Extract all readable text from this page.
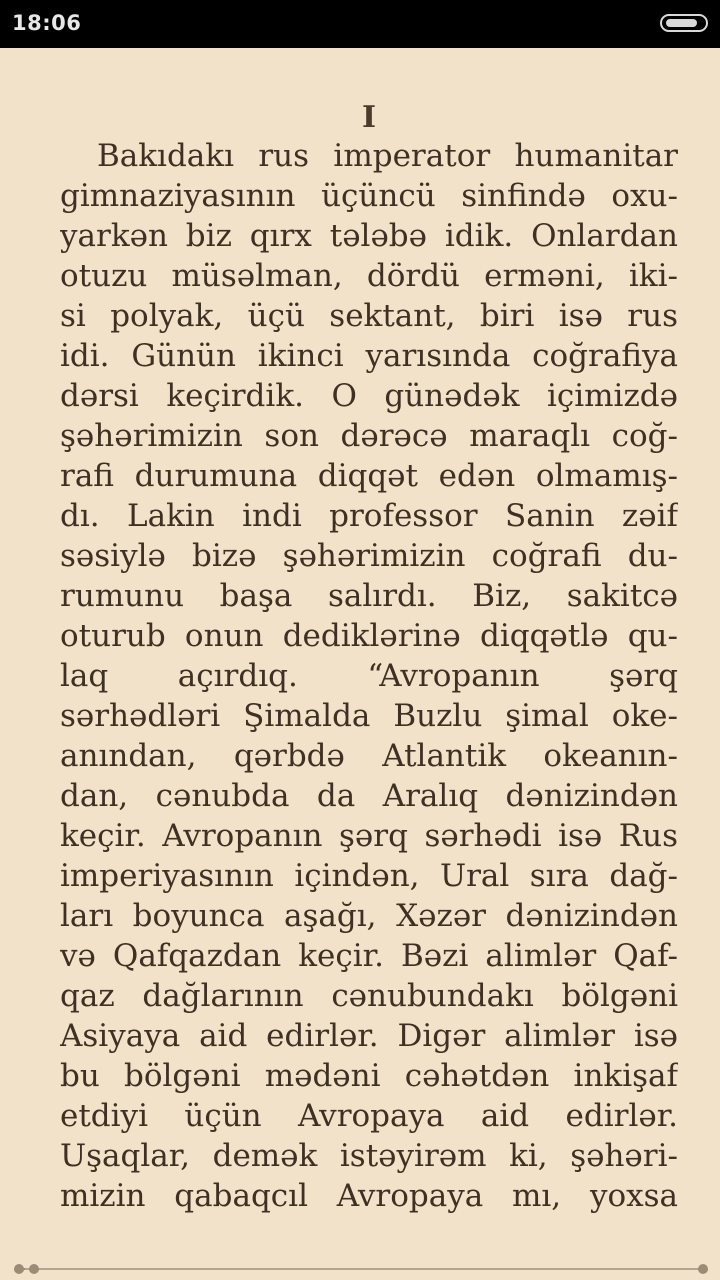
18:06
I
Bakıdakı rus imperator humanitar
gimnaziyasının üçüncü sinfində oxu-
yarkən biz qırx tələbə idik. Onlardan
otuzu müsəlman, dördü erməni, iki-
si polyak, üçü sektant, biri isə rus
idi. Günün ikinci yarısında coğrafiya
dərsi keçirdik. O günədək içimizdə
şəhərimizin son dərəcə maraqlı coğ-
rafi durumuna diqqət edən olmamış-
dı. Lakin indi professor Sanin zəif
səsiylə bizə şəhərimizin coğrafi du-
rumunu başa salırdı. Biz, sakitcə
oturub onun dediklərinə diqqətlə qu-
laq açırdıq. “Avropanın şərq
sərhədləri Şimalda Buzlu şimal oke-
anından, qərbdə Atlantik okeanın-
dan, cənubda da Aralıq dənizindən
keçir. Avropanın şərq sərhədi isə Rus
imperiyasının içindən, Ural sıra dağ-
ları boyunca aşağı, Xəzər dənizindən
və Qafqazdan keçir. Bəzi alimlər Qaf-
qaz dağlarının cənubundakı bölgəni
Asiyaya aid edirlər. Digər alimlər isə
bu bölgəni mədəni cəhətdən inkişaf
etdiyi üçün Avropaya aid edirlər.
Uşaqlar, demək istəyirəm ki, şəhəri-
mizin qabaqcıl Avropaya mı, yoxsa
